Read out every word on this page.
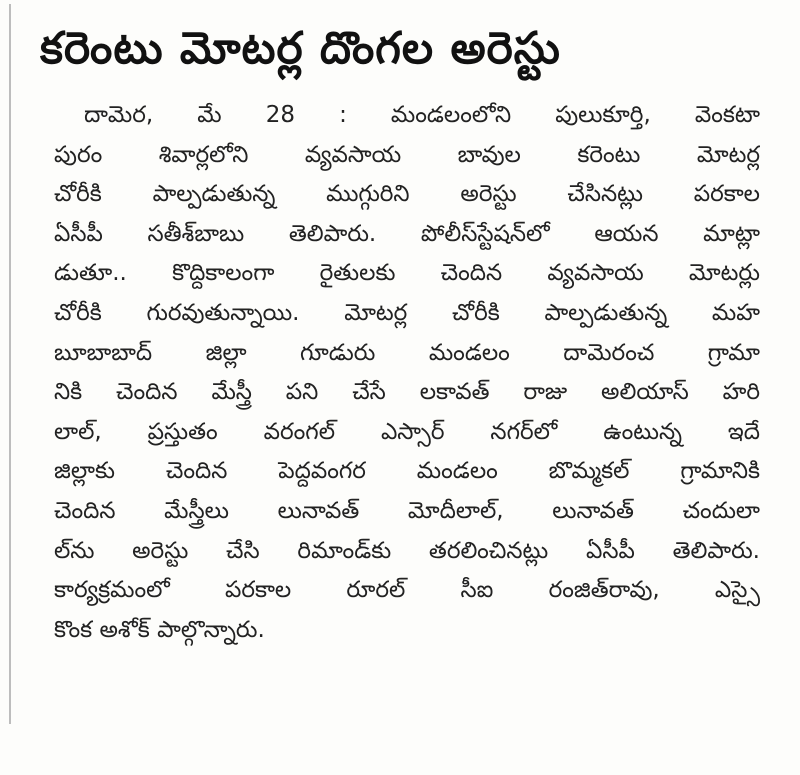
కరెంటు మోటర్ల దొంగల అరెస్టు
దామెర, మే 28 : మండలంలోని పులుకూర్తి, వెంకటా
పురం శివార్లలోని వ్యవసాయ బావుల కరెంటు మోటర్ల
చోరీకి పాల్పడుతున్న ముగ్గురిని అరెస్టు చేసినట్లు పరకాల
ఏసీపీ సతీశ్‌బాబు తెలిపారు. పోలీస్‌స్టేషన్‌లో ఆయన మాట్లా
డుతూ.. కొద్దికాలంగా రైతులకు చెందిన వ్యవసాయ మోటర్లు
చోరీకి గురవుతున్నాయి. మోటర్ల చోరీకి పాల్పడుతున్న మహ
బూబాబాద్ జిల్లా గూడురు మండలం దామెరంచ గ్రామా
నికి చెందిన మేస్త్రీ పని చేసే లకావత్ రాజు అలియాస్ హరి
లాల్, ప్రస్తుతం వరంగల్ ఎస్సార్ నగర్‌లో ఉంటున్న ఇదే
జిల్లాకు చెందిన పెద్దవంగర మండలం బొమ్మకల్ గ్రామానికి
చెందిన మేస్త్రీలు లునావత్ మోదీలాల్, లునావత్ చందులా
ల్‌ను అరెస్టు చేసి రిమాండ్‌కు తరలించినట్లు ఏసీపీ తెలిపారు.
కార్యక్రమంలో పరకాల రూరల్ సీఐ రంజిత్‌రావు, ఎస్సై
కొంక అశోక్ పాల్గొన్నారు.
